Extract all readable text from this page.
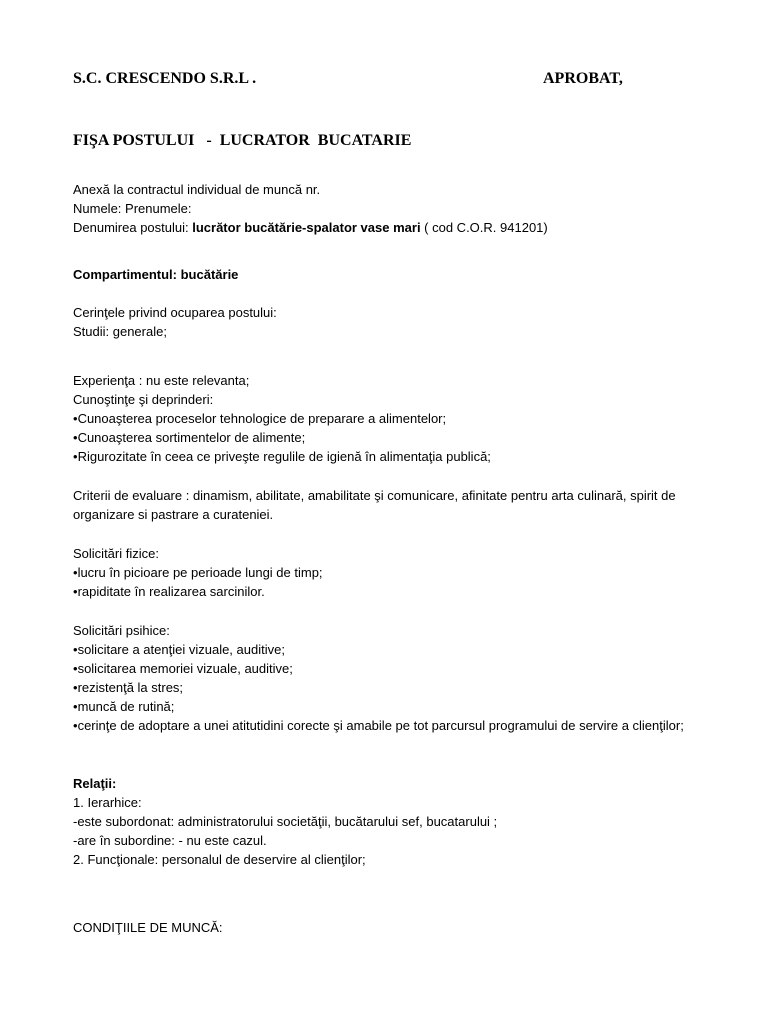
S.C. CRESCENDO S.R.L .	APROBAT,
FIŞA POSTULUI   -  LUCRATOR  BUCATARIE
Anexă la contractul individual de muncă nr.
Numele: Prenumele:
Denumirea postului: lucrător bucătărie-spalator vase mari ( cod C.O.R. 941201)
Compartimentul: bucătărie
Cerinţele privind ocuparea postului:
Studii: generale;
Experienţa : nu este relevanta;
Cunoştinţe şi deprinderi:
• Cunoaşterea proceselor tehnologice de preparare a alimentelor;
• Cunoaşterea sortimentelor de alimente;
• Rigurozitate în ceea ce priveşte regulile de igienă în alimentaţia publică;
Criterii de evaluare : dinamism, abilitate, amabilitate şi comunicare, afinitate pentru arta culinară, spirit de organizare si pastrare a curateniei.
Solicitări fizice:
• lucru în picioare pe perioade lungi de timp;
• rapiditate în realizarea sarcinilor.
Solicitări psihice:
• solicitare a atenţiei vizuale, auditive;
• solicitarea memoriei vizuale, auditive;
• rezistenţă la stres;
• muncă de rutină;
• cerinţe de adoptare a unei atitutidini corecte şi amabile pe tot parcursul programului de servire a clienţilor;
Relaţii:
1. Ierarhice:
-este subordonat: administratorului societăţii, bucătarului sef, bucatarului ;
-are în subordine: - nu este cazul.
2. Funcţionale: personalul de deservire al clienţilor;
CONDIŢIILE DE MUNCĂ:
